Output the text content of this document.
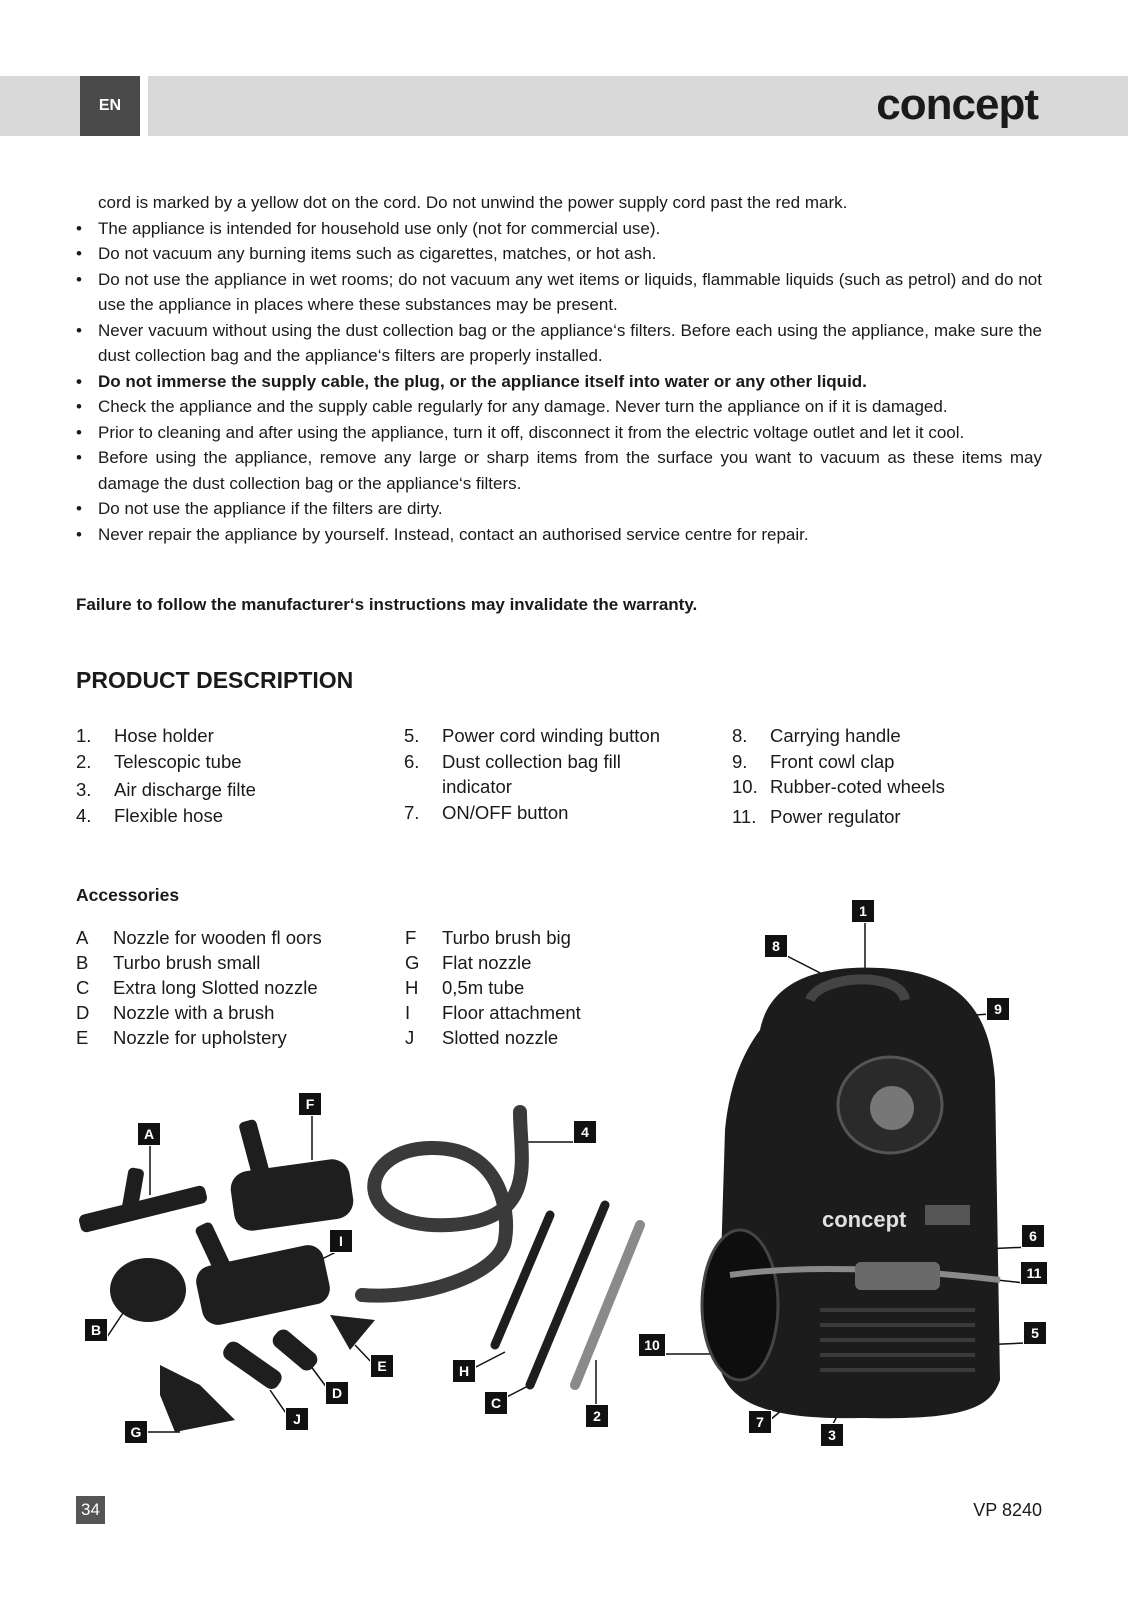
EN	concept
cord is marked by a yellow dot on the cord. Do not unwind the power supply cord past the red mark.
• The appliance is intended for household use only (not for commercial use).
• Do not vacuum any burning items such as cigarettes, matches, or hot ash.
• Do not use the appliance in wet rooms; do not vacuum any wet items or liquids, flammable liquids (such as petrol) and do not use the appliance in places where these substances may be present.
• Never vacuum without using the dust collection bag or the appliance‘s filters. Before each using the appliance, make sure the dust collection bag and the appliance‘s filters are properly installed.
• Do not immerse the supply cable, the plug, or the appliance itself into water or any other liquid.
• Check the appliance and the supply cable regularly for any damage. Never turn the appliance on if it is damaged.
• Prior to cleaning and after using the appliance, turn it off, disconnect it from the electric voltage outlet and let it cool.
• Before using the appliance, remove any large or sharp items from the surface you want to vacuum as these items may damage the dust collection bag or the appliance‘s filters.
• Do not use the appliance if the filters are dirty.
• Never repair the appliance by yourself. Instead, contact an authorised service centre for repair.
Failure to follow the manufacturer‘s instructions may invalidate the warranty.
PRODUCT DESCRIPTION
1.	Hose holder
2.	Telescopic tube
3.	Air discharge filte
4.	Flexible hose
5.	Power cord winding button
6.	Dust collection bag fill indicator
7.	ON/OFF button
8.	Carrying handle
9.	Front cowl clap
10. Rubber-coted wheels
11. Power regulator
Accessories
A	Nozzle for wooden fl oors
B	Turbo brush small
C	Extra long Slotted nozzle
D	Nozzle with a brush
E	Nozzle for upholstery
F	Turbo brush big
G	Flat nozzle
H	0,5m tube
I	Floor attachment
J	Slotted nozzle
concept
A
F
I
B
G
J
D
E	H
C
2
4
1
8
9
6
11
5
10
7
3
34	VP 8240
